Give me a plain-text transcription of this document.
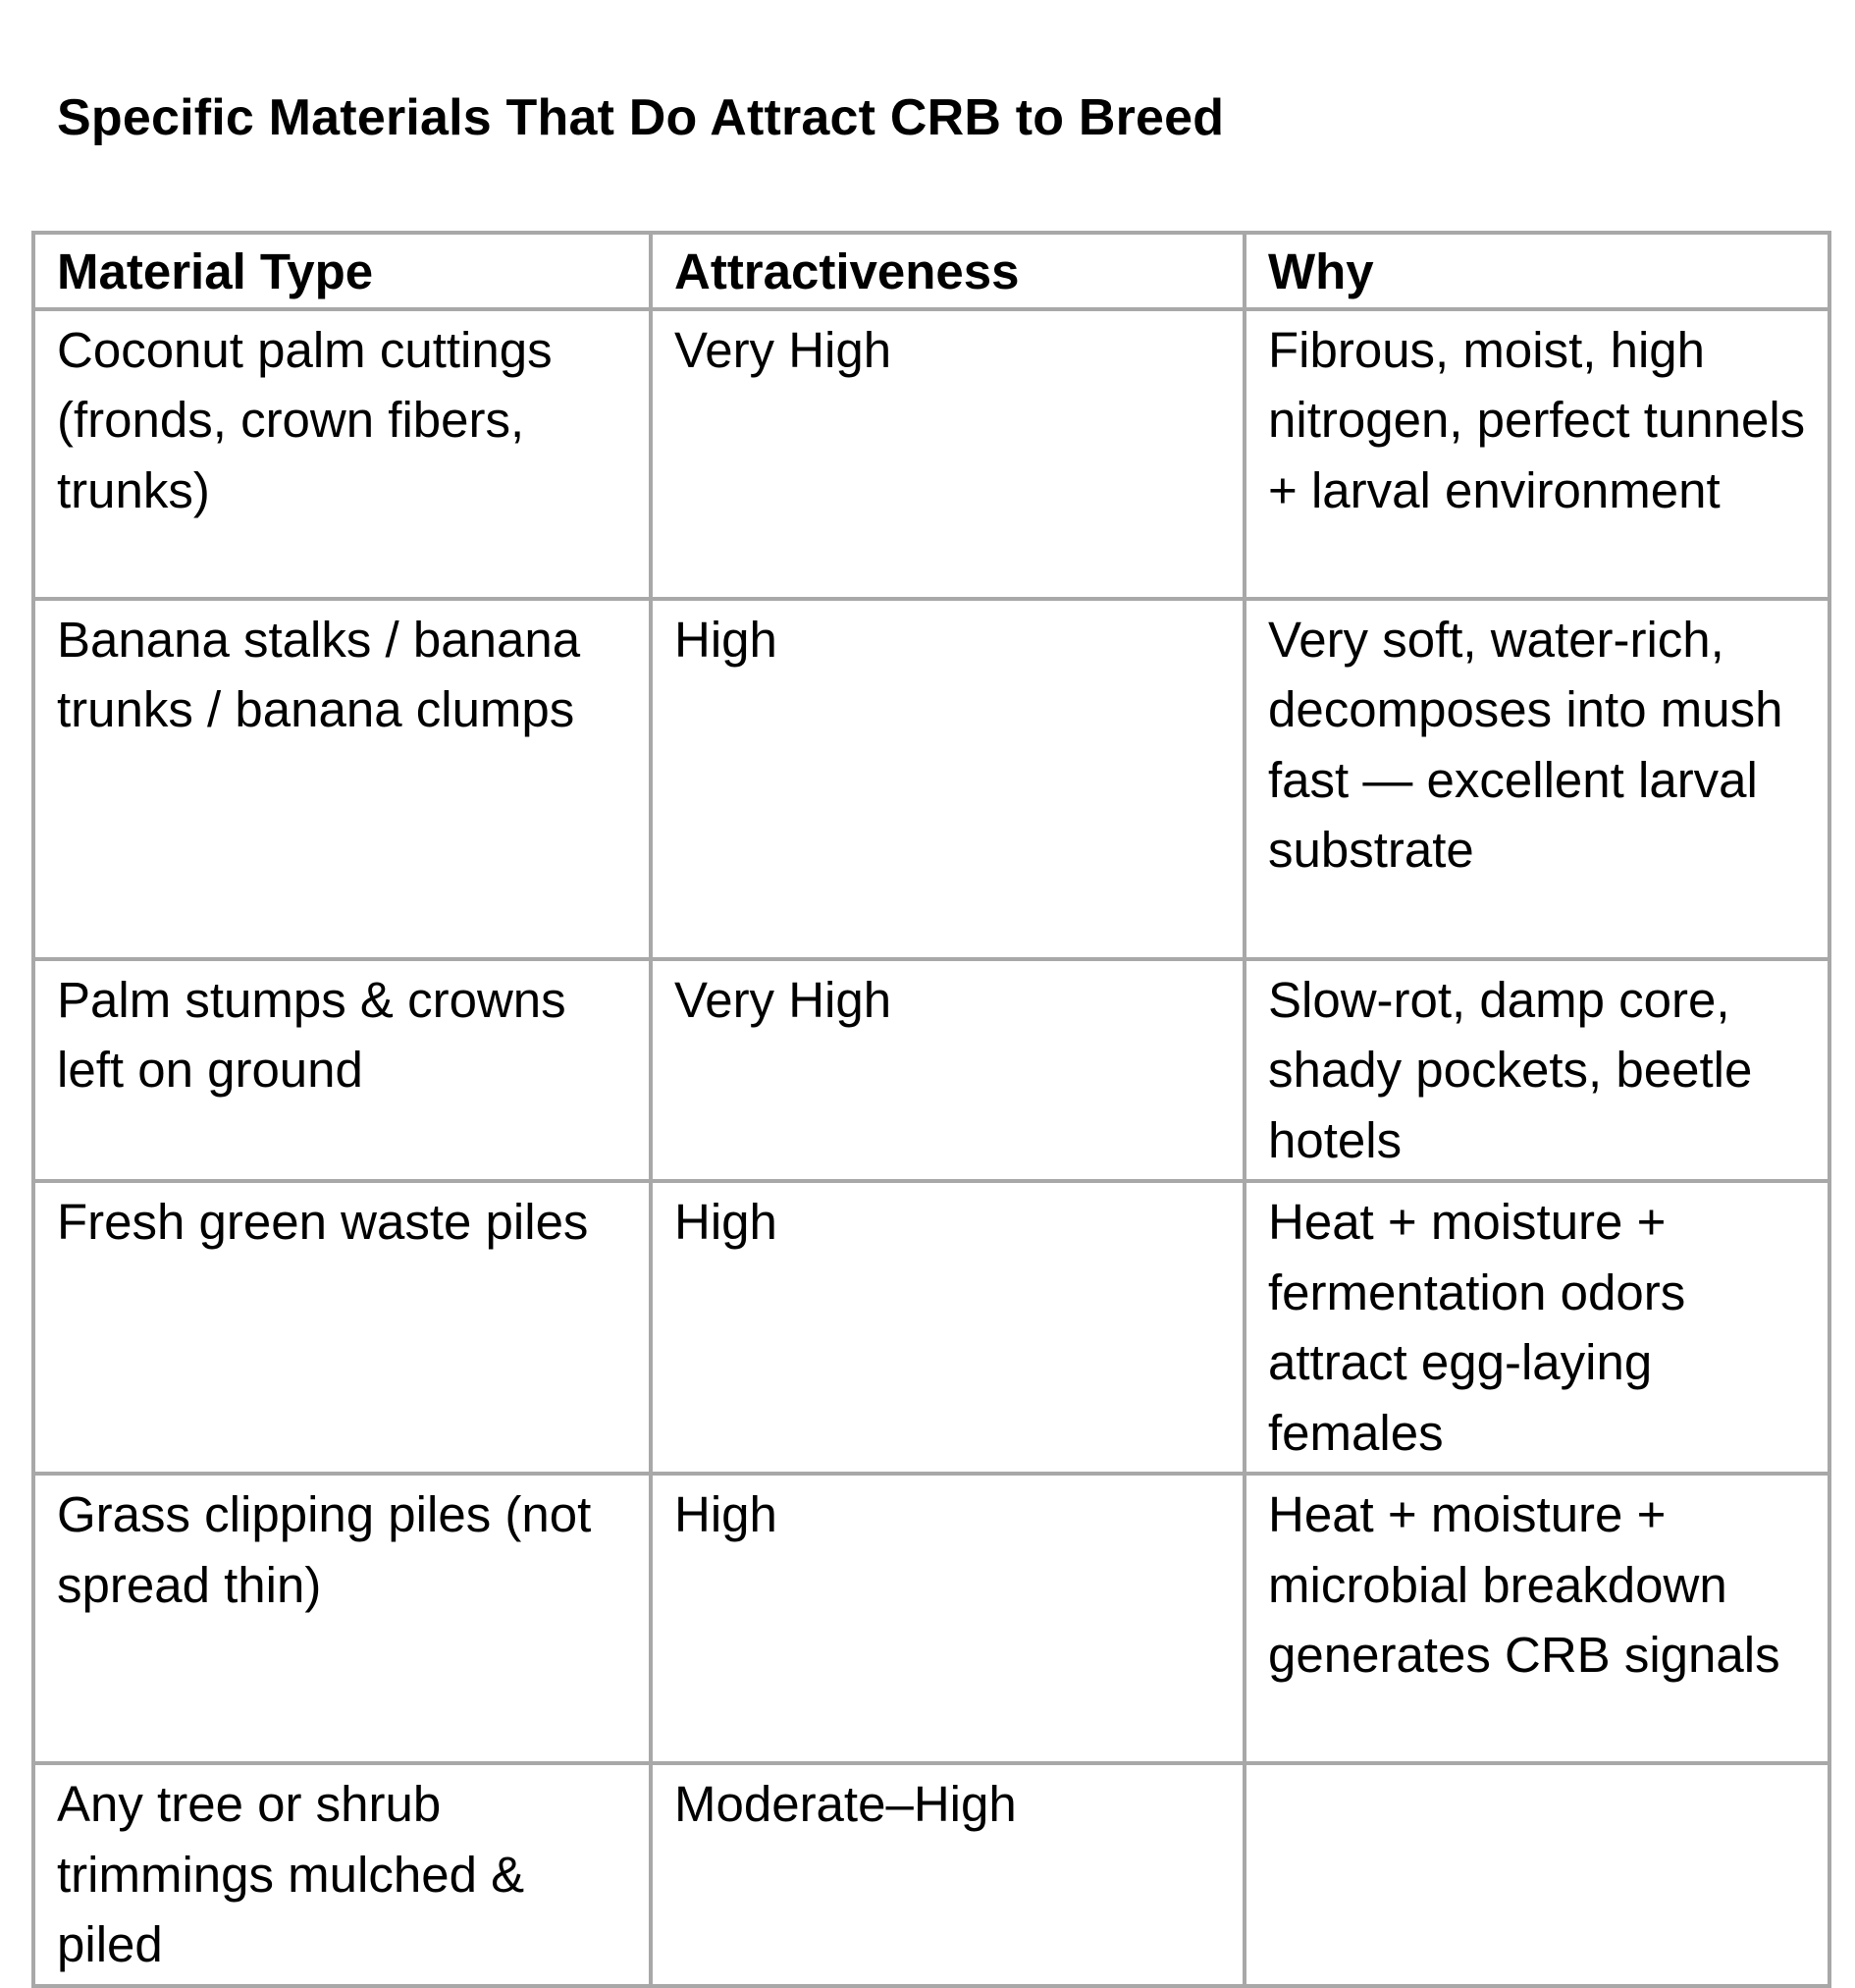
Specific Materials That Do Attract CRB to Breed
Material Type	Attractiveness	Why
Coconut palm cuttings (fronds, crown fibers, trunks)	Very High	Fibrous, moist, high nitrogen, perfect tunnels + larval environment
Banana stalks / banana trunks / banana clumps	High	Very soft, water-rich, decomposes into mush fast — excellent larval substrate
Palm stumps & crowns left on ground	Very High	Slow-rot, damp core, shady pockets, beetle hotels
Fresh green waste piles	High	Heat + moisture + fermentation odors attract egg-laying females
Grass clipping piles (not spread thin)	High	Heat + moisture + microbial breakdown generates CRB signals
Any tree or shrub trimmings mulched & piled	Moderate–High	
